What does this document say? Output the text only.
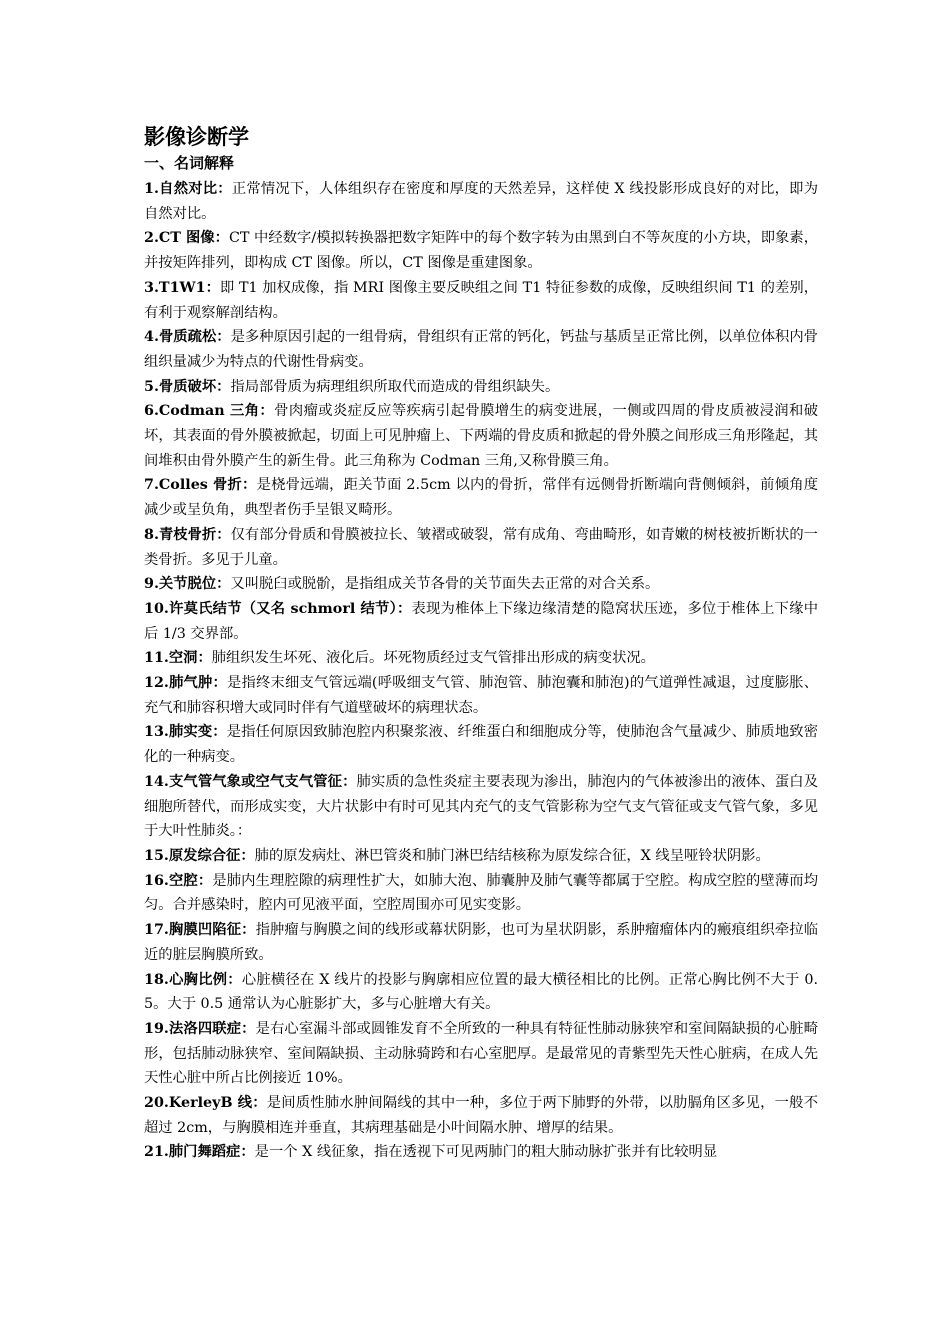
影像诊断学
一、名词解释

1.自然对比：正常情况下，人体组织存在密度和厚度的天然差异，这样使 X 线投影形成良好的对比，即为自然对比。

2.CT 图像：CT 中经数字/模拟转换器把数字矩阵中的每个数字转为由黑到白不等灰度的小方块，即象素，并按矩阵排列，即构成 CT 图像。所以，CT 图像是重建图象。

3.T1W1：即 T1 加权成像，指 MRI 图像主要反映组之间 T1 特征参数的成像，反映组织间 T1 的差别，有利于观察解剖结构。

4.骨质疏松：是多种原因引起的一组骨病，骨组织有正常的钙化，钙盐与基质呈正常比例，以单位体积内骨组织量减少为特点的代谢性骨病变。

5.骨质破坏：指局部骨质为病理组织所取代而造成的骨组织缺失。

6.Codman 三角：骨肉瘤或炎症反应等疾病引起骨膜增生的病变进展，一侧或四周的骨皮质被浸润和破坏，其表面的骨外膜被掀起，切面上可见肿瘤上、下两端的骨皮质和掀起的骨外膜之间形成三角形隆起，其间堆积由骨外膜产生的新生骨。此三角称为 Codman 三角,又称骨膜三角。

7.Colles 骨折：是桡骨远端，距关节面 2.5cm 以内的骨折，常伴有远侧骨折断端向背侧倾斜，前倾角度减少或呈负角，典型者伤手呈银叉畸形。

8.青枝骨折：仅有部分骨质和骨膜被拉长、皱褶或破裂，常有成角、弯曲畸形，如青嫩的树枝被折断状的一类骨折。多见于儿童。

9.关节脱位：又叫脱臼或脱骱，是指组成关节各骨的关节面失去正常的对合关系。

10.许莫氏结节（又名 schmorl 结节）：表现为椎体上下缘边缘清楚的隐窝状压迹，多位于椎体上下缘中后 1/3 交界部。

11.空洞：肺组织发生坏死、液化后。坏死物质经过支气管排出形成的病变状况。

12.肺气肿：是指终末细支气管远端(呼吸细支气管、肺泡管、肺泡囊和肺泡)的气道弹性减退，过度膨胀、充气和肺容积增大或同时伴有气道壁破坏的病理状态。

13.肺实变：是指任何原因致肺泡腔内积聚浆液、纤维蛋白和细胞成分等，使肺泡含气量减少、肺质地致密化的一种病变。

14.支气管气象或空气支气管征：肺实质的急性炎症主要表现为渗出，肺泡内的气体被渗出的液体、蛋白及细胞所替代，而形成实变，大片状影中有时可见其内充气的支气管影称为空气支气管征或支气管气象，多见于大叶性肺炎。：

15.原发综合征：肺的原发病灶、淋巴管炎和肺门淋巴结结核称为原发综合征，X 线呈哑铃状阴影。

16.空腔：是肺内生理腔隙的病理性扩大，如肺大泡、肺囊肿及肺气囊等都属于空腔。构成空腔的壁薄而均匀。合并感染时，腔内可见液平面，空腔周围亦可见实变影。

17.胸膜凹陷征：指肿瘤与胸膜之间的线形或幕状阴影，也可为星状阴影，系肿瘤瘤体内的瘢痕组织牵拉临近的脏层胸膜所致。

18.心胸比例：心脏横径在 X 线片的投影与胸廓相应位置的最大横径相比的比例。正常心胸比例不大于 0.5。大于 0.5 通常认为心脏影扩大，多与心脏增大有关。

19.法洛四联症：是右心室漏斗部或圆锥发育不全所致的一种具有特征性肺动脉狭窄和室间隔缺损的心脏畸形，包括肺动脉狭窄、室间隔缺损、主动脉骑跨和右心室肥厚。是最常见的青紫型先天性心脏病，在成人先天性心脏中所占比例接近 10%。

20.KerleyB 线：是间质性肺水肿间隔线的其中一种，多位于两下肺野的外带，以肋膈角区多见，一般不超过 2cm，与胸膜相连并垂直，其病理基础是小叶间隔水肿、增厚的结果。

21.肺门舞蹈症：是一个 X 线征象，指在透视下可见两肺门的粗大肺动脉扩张并有比较明显
